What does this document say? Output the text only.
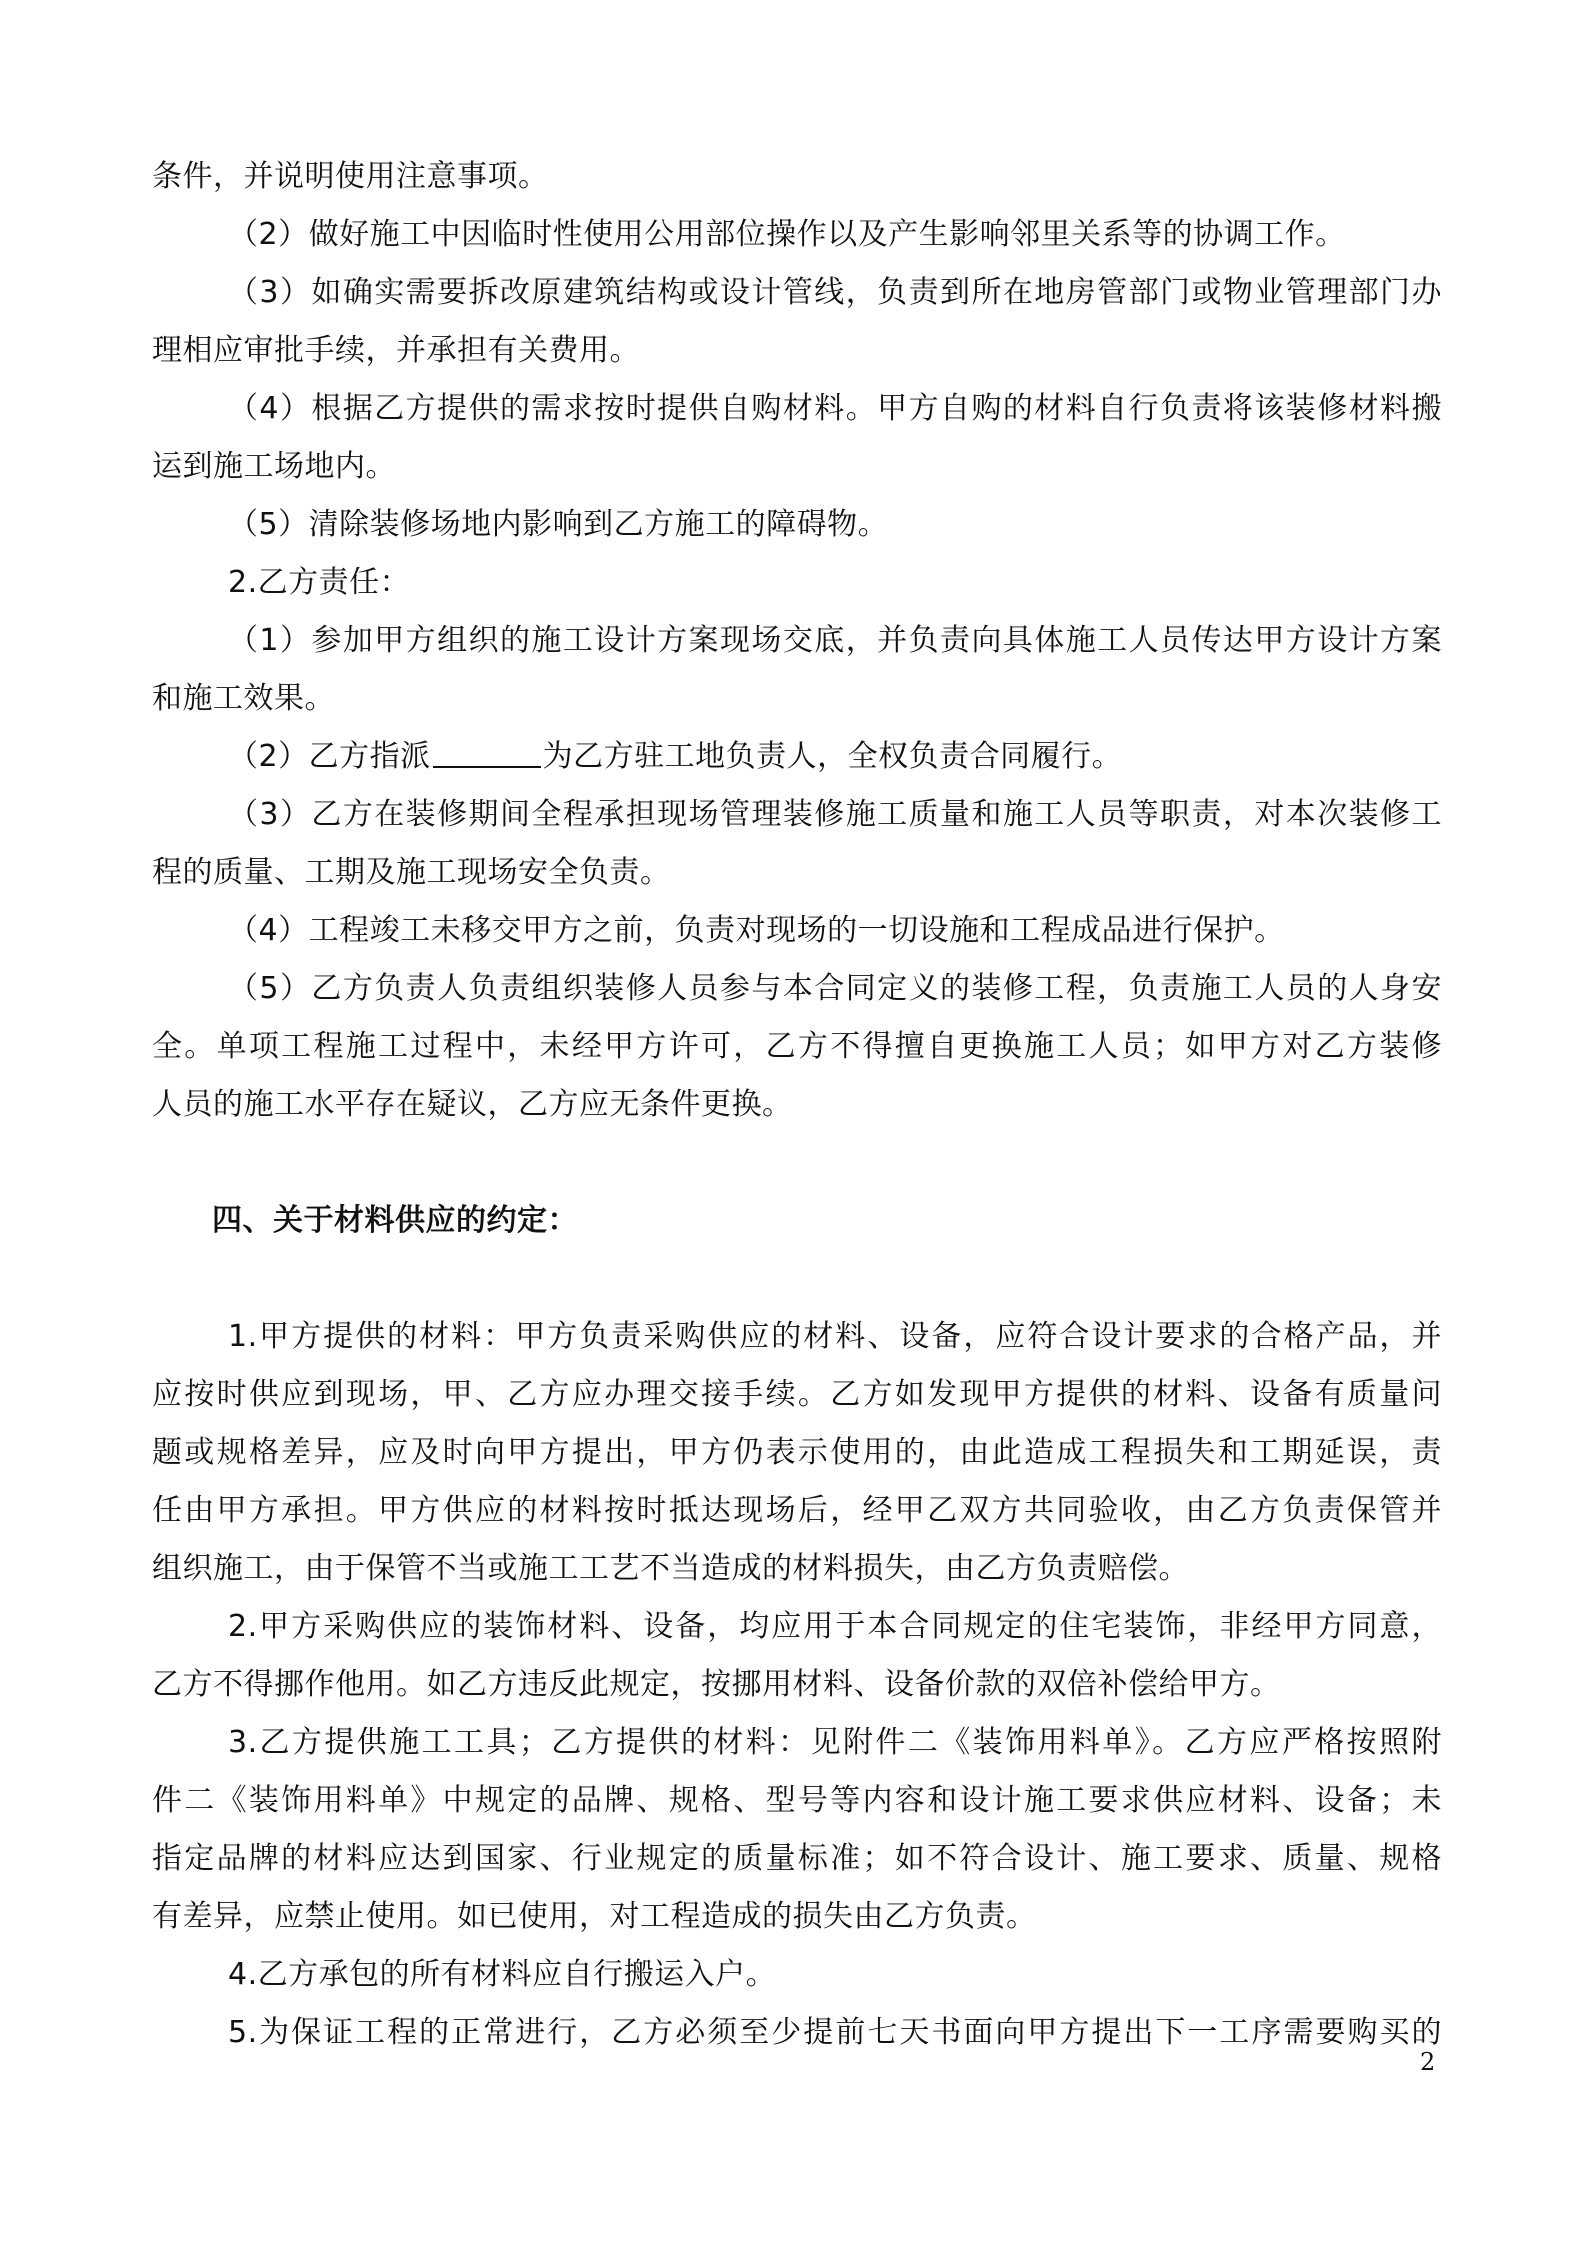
条件，并说明使用注意事项。
（2）做好施工中因临时性使用公用部位操作以及产生影响邻里关系等的协调工作。
（3）如确实需要拆改原建筑结构或设计管线，负责到所在地房管部门或物业管理部门办
理相应审批手续，并承担有关费用。
（4）根据乙方提供的需求按时提供自购材料。甲方自购的材料自行负责将该装修材料搬
运到施工场地内。
（5）清除装修场地内影响到乙方施工的障碍物。
2.乙方责任：
（1）参加甲方组织的施工设计方案现场交底，并负责向具体施工人员传达甲方设计方案
和施工效果。
（2）乙方指派	为乙方驻工地负责人，全权负责合同履行。
（3）乙方在装修期间全程承担现场管理装修施工质量和施工人员等职责，对本次装修工
程的质量、工期及施工现场安全负责。
（4）工程竣工未移交甲方之前，负责对现场的一切设施和工程成品进行保护。
（5）乙方负责人负责组织装修人员参与本合同定义的装修工程，负责施工人员的人身安
全。单项工程施工过程中，未经甲方许可，乙方不得擅自更换施工人员；如甲方对乙方装修
人员的施工水平存在疑议，乙方应无条件更换。
四、关于材料供应的约定：
1.甲方提供的材料：甲方负责采购供应的材料、设备，应符合设计要求的合格产品，并
应按时供应到现场，甲、乙方应办理交接手续。乙方如发现甲方提供的材料、设备有质量问
题或规格差异，应及时向甲方提出，甲方仍表示使用的，由此造成工程损失和工期延误，责
任由甲方承担。甲方供应的材料按时抵达现场后，经甲乙双方共同验收，由乙方负责保管并
组织施工，由于保管不当或施工工艺不当造成的材料损失，由乙方负责赔偿。
2.甲方采购供应的装饰材料、设备，均应用于本合同规定的住宅装饰，非经甲方同意，
乙方不得挪作他用。如乙方违反此规定，按挪用材料、设备价款的双倍补偿给甲方。
3.乙方提供施工工具；乙方提供的材料：见附件二《装饰用料单》。乙方应严格按照附
件二《装饰用料单》中规定的品牌、规格、型号等内容和设计施工要求供应材料、设备；未
指定品牌的材料应达到国家、行业规定的质量标准；如不符合设计、施工要求、质量、规格
有差异，应禁止使用。如已使用，对工程造成的损失由乙方负责。
4.乙方承包的所有材料应自行搬运入户。
5.为保证工程的正常进行，乙方必须至少提前七天书面向甲方提出下一工序需要购买的
2
